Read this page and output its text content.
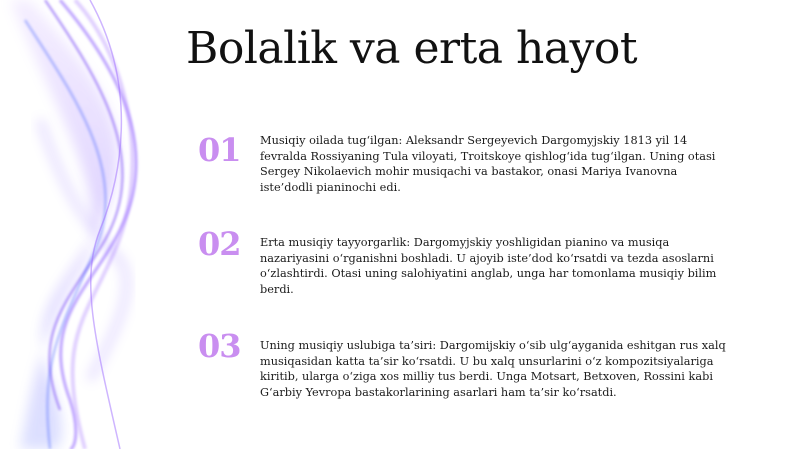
Bolalik va erta hayot
01	Musiqiy oilada tug‘ilgan: Aleksandr Sergeyevich Dargomyjskiy 1813 yil 14 fevralda Rossiyaning Tula viloyati, Troitskoye qishlog‘ida tug‘ilgan. Uning otasi Sergey Nikolaevich mohir musiqachi va bastakor, onasi Mariya Ivanovna iste’dodli pianinochi edi.
02	Erta musiqiy tayyorgarlik: Dargomyjskiy yoshligidan pianino va musiqa nazariyasini o‘rganishni boshladi. U ajoyib iste’dod ko‘rsatdi va tezda asoslarni o‘zlashtirdi. Otasi uning salohiyatini anglab, unga har tomonlama musiqiy bilim berdi.
03	Uning musiqiy uslubiga ta’siri: Dargomijskiy o‘sib ulg‘ayganida eshitgan rus xalq musiqasidan katta ta’sir ko‘rsatdi. U bu xalq unsurlarini o‘z kompozitsiyalariga kiritib, ularga o‘ziga xos milliy tus berdi. Unga Motsart, Betxoven, Rossini kabi G‘arbiy Yevropa bastakorlarining asarlari ham ta’sir ko‘rsatdi.
